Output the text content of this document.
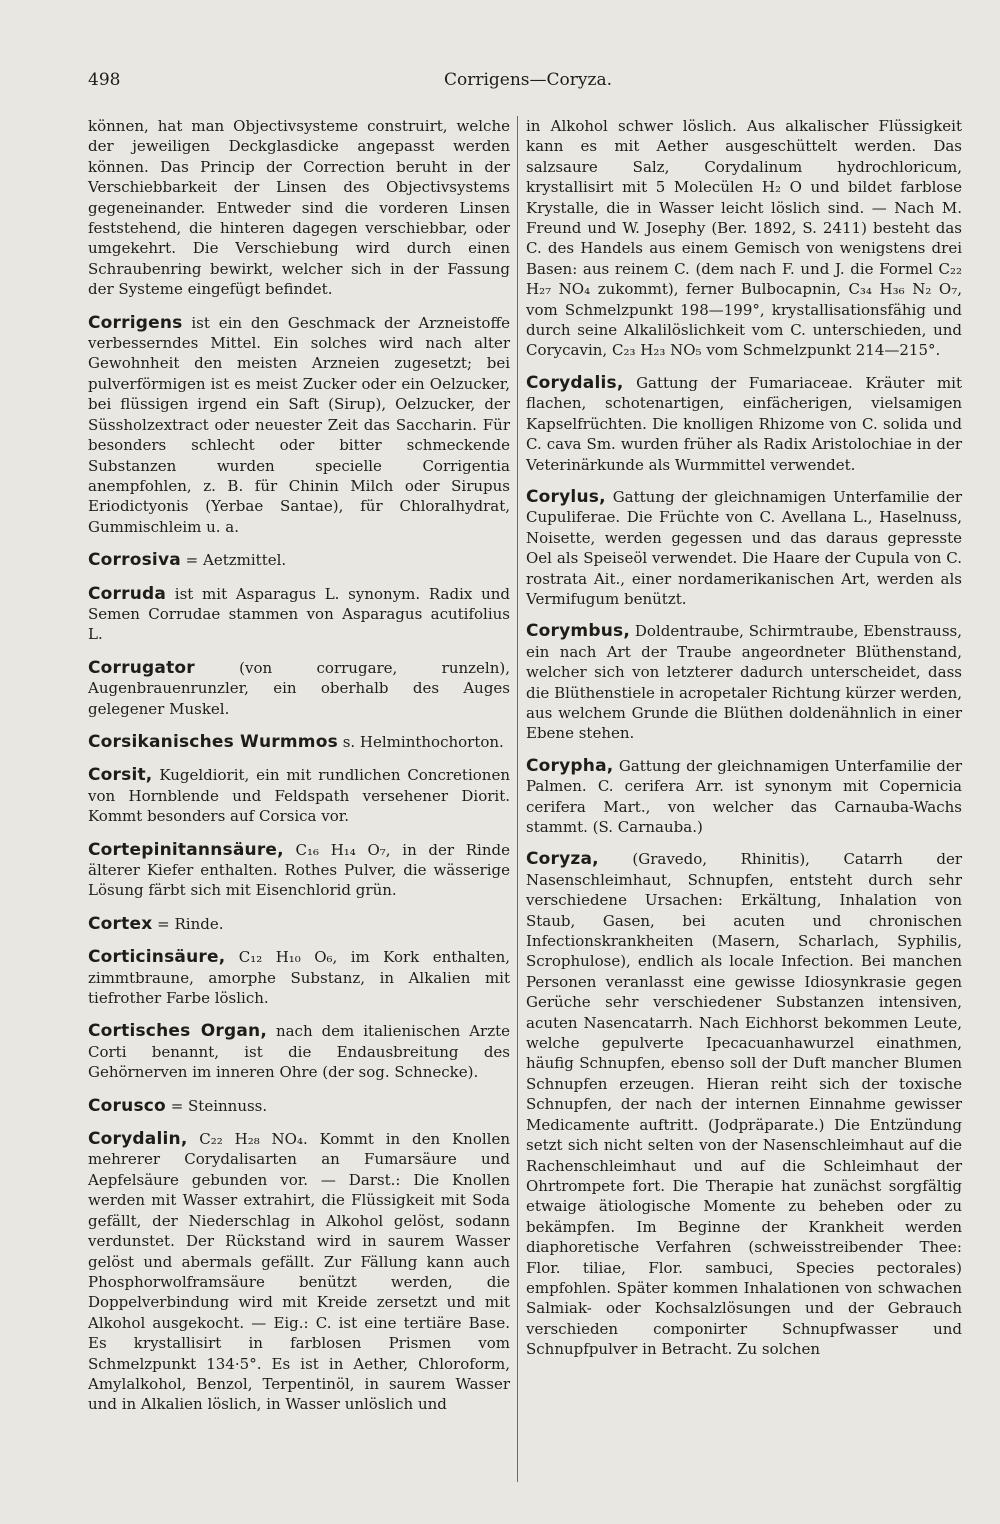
498	Corrigens—Coryza.

können, hat man Objectivsysteme construirt, welche der jeweiligen Deckglasdicke angepasst werden können. Das Princip der Correction beruht in der Verschiebbarkeit der Linsen des Objectivsystems gegeneinander. Entweder sind die vorderen Linsen feststehend, die hinteren dagegen verschiebbar, oder umgekehrt. Die Verschiebung wird durch einen Schraubenring bewirkt, welcher sich in der Fassung der Systeme eingefügt befindet.

Corrigens ist ein den Geschmack der Arzneistoffe verbesserndes Mittel. Ein solches wird nach alter Gewohnheit den meisten Arzneien zugesetzt; bei pulverförmigen ist es meist Zucker oder ein Oelzucker, bei flüssigen irgend ein Saft (Sirup), Oelzucker, der Süssholzextract oder neuester Zeit das Saccharin. Für besonders schlecht oder bitter schmeckende Substanzen wurden specielle Corrigentia anempfohlen, z. B. für Chinin Milch oder Sirupus Eriodictyonis (Yerbae Santae), für Chloralhydrat, Gummischleim u. a.

Corrosiva = Aetzmittel.

Corruda ist mit Asparagus L. synonym. Radix und Semen Corrudae stammen von Asparagus acutifolius L.

Corrugator (von corrugare, runzeln), Augenbrauenrunzler, ein oberhalb des Auges gelegener Muskel.

Corsikanisches Wurmmos s. Helminthochorton.

Corsit, Kugeldiorit, ein mit rundlichen Concretionen von Hornblende und Feldspath versehener Diorit. Kommt besonders auf Corsica vor.

Cortepinitannsäure, C₁₆ H₁₄ O₇, in der Rinde älterer Kiefer enthalten. Rothes Pulver, die wässerige Lösung färbt sich mit Eisenchlorid grün.

Cortex = Rinde.

Corticinsäure, C₁₂ H₁₀ O₆, im Kork enthalten, zimmtbraune, amorphe Substanz, in Alkalien mit tiefrother Farbe löslich.

Cortisches Organ, nach dem italienischen Arzte Corti benannt, ist die Endausbreitung des Gehörnerven im inneren Ohre (der sog. Schnecke).

Corusco = Steinnuss.

Corydalin, C₂₂ H₂₈ NO₄. Kommt in den Knollen mehrerer Corydalisarten an Fumarsäure und Aepfelsäure gebunden vor. — Darst.: Die Knollen werden mit Wasser extrahirt, die Flüssigkeit mit Soda gefällt, der Niederschlag in Alkohol gelöst, sodann verdunstet. Der Rückstand wird in saurem Wasser gelöst und abermals gefällt. Zur Fällung kann auch Phosphorwolframsäure benützt werden, die Doppelverbindung wird mit Kreide zersetzt und mit Alkohol ausgekocht. — Eig.: C. ist eine tertiäre Base. Es krystallisirt in farblosen Prismen vom Schmelzpunkt 134·5°. Es ist in Aether, Chloroform, Amylalkohol, Benzol, Terpentinöl, in saurem Wasser und in Alkalien löslich, in Wasser unlöslich und

in Alkohol schwer löslich. Aus alkalischer Flüssigkeit kann es mit Aether ausgeschüttelt werden. Das salzsaure Salz, Corydalinum hydrochloricum, krystallisirt mit 5 Molecülen H₂ O und bildet farblose Krystalle, die in Wasser leicht löslich sind. — Nach M. Freund und W. Josephy (Ber. 1892, S. 2411) besteht das C. des Handels aus einem Gemisch von wenigstens drei Basen: aus reinem C. (dem nach F. und J. die Formel C₂₂ H₂₇ NO₄ zukommt), ferner Bulbocapnin, C₃₄ H₃₆ N₂ O₇, vom Schmelzpunkt 198—199°, krystallisationsfähig und durch seine Alkalilöslichkeit vom C. unterschieden, und Corycavin, C₂₃ H₂₃ NO₅ vom Schmelzpunkt 214—215°.

Corydalis, Gattung der Fumariaceae. Kräuter mit flachen, schotenartigen, einfächerigen, vielsamigen Kapselfrüchten. Die knolligen Rhizome von C. solida und C. cava Sm. wurden früher als Radix Aristolochiae in der Veterinärkunde als Wurmmittel verwendet.

Corylus, Gattung der gleichnamigen Unterfamilie der Cupuliferae. Die Früchte von C. Avellana L., Haselnuss, Noisette, werden gegessen und das daraus gepresste Oel als Speiseöl verwendet. Die Haare der Cupula von C. rostrata Ait., einer nordamerikanischen Art, werden als Vermifugum benützt.

Corymbus, Doldentraube, Schirmtraube, Ebenstrauss, ein nach Art der Traube angeordneter Blüthenstand, welcher sich von letzterer dadurch unterscheidet, dass die Blüthenstiele in acropetaler Richtung kürzer werden, aus welchem Grunde die Blüthen doldenähnlich in einer Ebene stehen.

Corypha, Gattung der gleichnamigen Unterfamilie der Palmen. C. cerifera Arr. ist synonym mit Copernicia cerifera Mart., von welcher das Carnauba-Wachs stammt. (S. Carnauba.)

Coryza, (Gravedo, Rhinitis), Catarrh der Nasenschleimhaut, Schnupfen, entsteht durch sehr verschiedene Ursachen: Erkältung, Inhalation von Staub, Gasen, bei acuten und chronischen Infectionskrankheiten (Masern, Scharlach, Syphilis, Scrophulose), endlich als locale Infection. Bei manchen Personen veranlasst eine gewisse Idiosynkrasie gegen Gerüche sehr verschiedener Substanzen intensiven, acuten Nasencatarrh. Nach Eichhorst bekommen Leute, welche gepulverte Ipecacuanhawurzel einathmen, häufig Schnupfen, ebenso soll der Duft mancher Blumen Schnupfen erzeugen. Hieran reiht sich der toxische Schnupfen, der nach der internen Einnahme gewisser Medicamente auftritt. (Jodpräparate.) Die Entzündung setzt sich nicht selten von der Nasenschleimhaut auf die Rachenschleimhaut und auf die Schleimhaut der Ohrtrompete fort. Die Therapie hat zunächst sorgfältig etwaige ätiologische Momente zu beheben oder zu bekämpfen. Im Beginne der Krankheit werden diaphoretische Verfahren (schweisstreibender Thee: Flor. tiliae, Flor. sambuci, Species pectorales) empfohlen. Später kommen Inhalationen von schwachen Salmiak- oder Kochsalzlösungen und der Gebrauch verschieden componirter Schnupfwasser und Schnupfpulver in Betracht. Zu solchen
